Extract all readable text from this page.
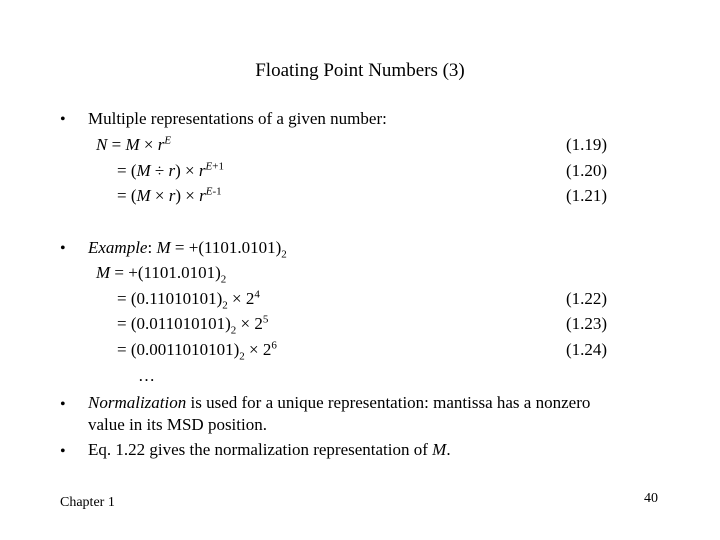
Floating Point Numbers (3)
• Multiple representations of a given number:
$N = M \times r^E$	(1.19)
= $(M \div r) \times r^{E+1}$	(1.20)
= $(M \times r) \times r^{E-1}$	(1.21)
• Example: $M = +(1101.0101)_2$
$M = +(1101.0101)_2$
= $(0.11010101)_2 \times 2^4$	(1.22)
= $(0.011010101)_2 \times 2^5$	(1.23)
= $(0.0011010101)_2 \times 2^6$	(1.24)
…
• Normalization is used for a unique representation: mantissa has a nonzero
value in its MSD position.
• Eq. 1.22 gives the normalization representation of M.
Chapter 1	40
